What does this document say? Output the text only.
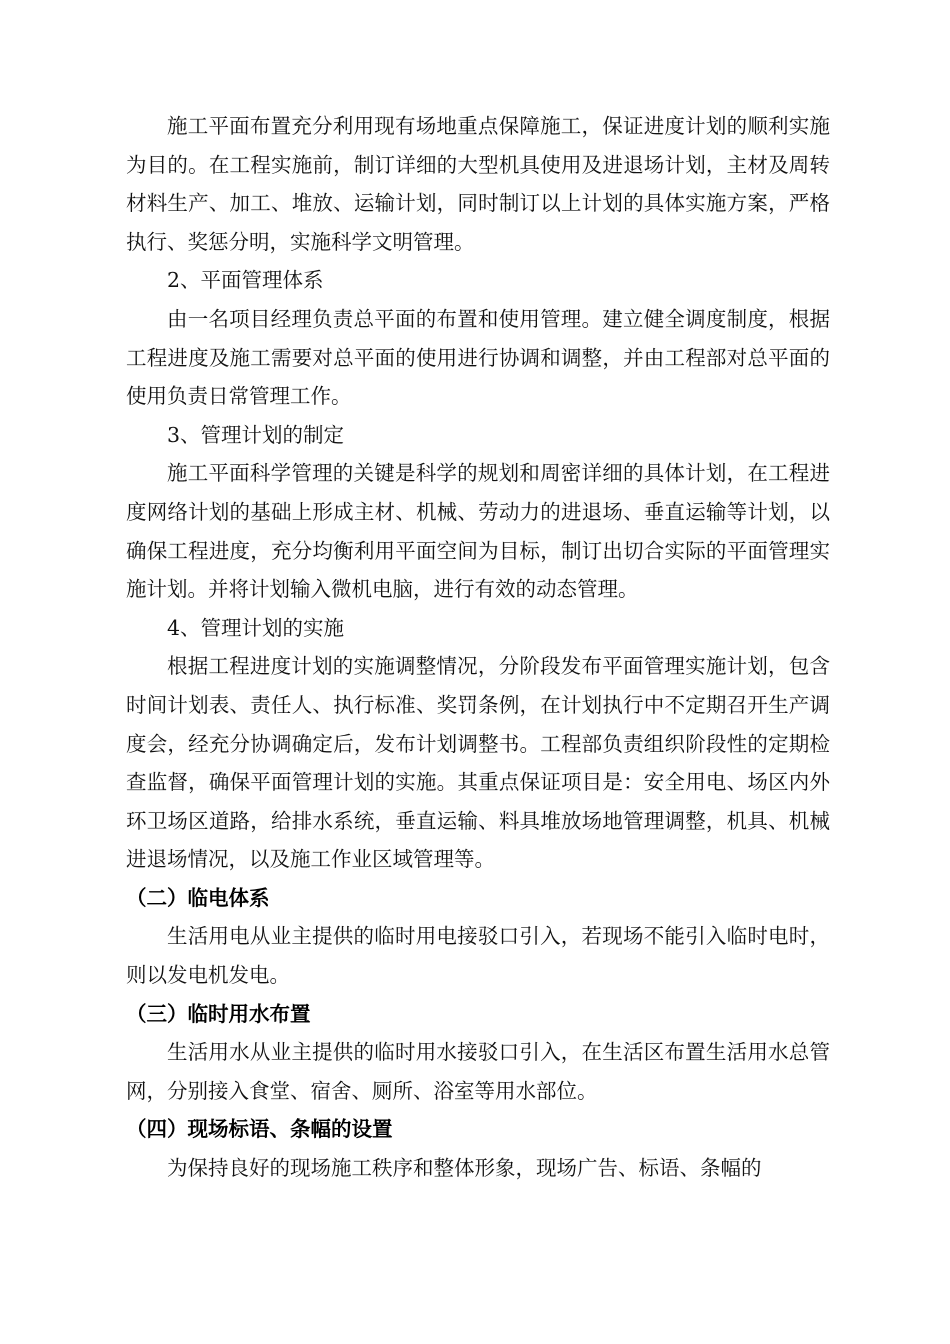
施工平面布置充分利用现有场地重点保障施工，保证进度计划的顺利实施为目的。在工程实施前，制订详细的大型机具使用及进退场计划，主材及周转材料生产、加工、堆放、运输计划，同时制订以上计划的具体实施方案，严格执行、奖惩分明，实施科学文明管理。

2、平面管理体系

由一名项目经理负责总平面的布置和使用管理。建立健全调度制度，根据工程进度及施工需要对总平面的使用进行协调和调整，并由工程部对总平面的使用负责日常管理工作。

3、管理计划的制定

施工平面科学管理的关键是科学的规划和周密详细的具体计划，在工程进度网络计划的基础上形成主材、机械、劳动力的进退场、垂直运输等计划，以确保工程进度，充分均衡利用平面空间为目标，制订出切合实际的平面管理实施计划。并将计划输入微机电脑，进行有效的动态管理。

4、管理计划的实施

根据工程进度计划的实施调整情况，分阶段发布平面管理实施计划，包含时间计划表、责任人、执行标准、奖罚条例，在计划执行中不定期召开生产调度会，经充分协调确定后，发布计划调整书。工程部负责组织阶段性的定期检查监督，确保平面管理计划的实施。其重点保证项目是：安全用电、场区内外环卫场区道路，给排水系统，垂直运输、料具堆放场地管理调整，机具、机械进退场情况，以及施工作业区域管理等。

（二）临电体系

生活用电从业主提供的临时用电接驳口引入，若现场不能引入临时电时，则以发电机发电。

（三）临时用水布置

生活用水从业主提供的临时用水接驳口引入，在生活区布置生活用水总管网，分别接入食堂、宿舍、厕所、浴室等用水部位。

（四）现场标语、条幅的设置

为保持良好的现场施工秩序和整体形象，现场广告、标语、条幅的
